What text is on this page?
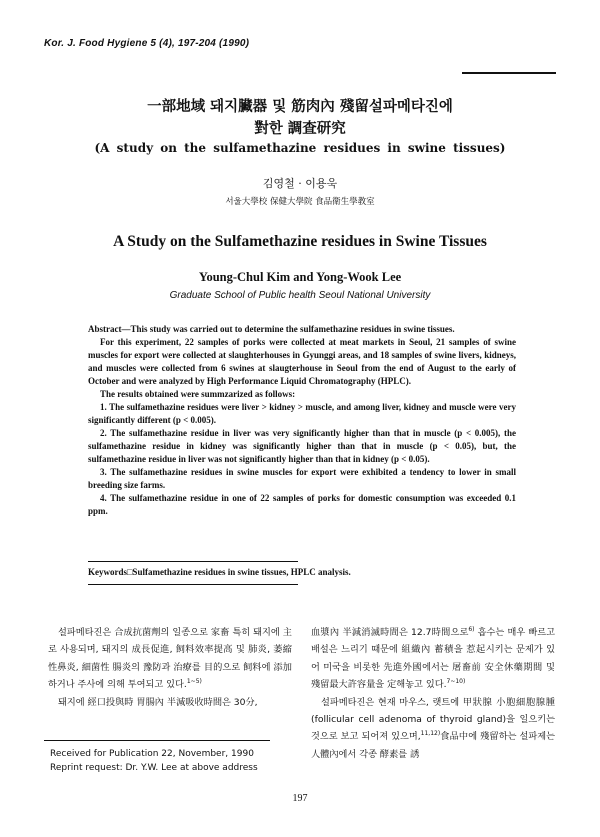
Kor. J. Food Hygiene 5 (4), 197-204 (1990)
一部地域 돼지臟器 및 筋肉內 殘留설파메타진에
對한 調査研究
(A study on the sulfamethazine residues in swine tissues)
김영철 · 이용욱
서울大學校 保健大學院 食品衛生學教室
A Study on the Sulfamethazine residues in Swine Tissues
Young-Chul Kim and Yong-Wook Lee
Graduate School of Public health Seoul National University

Abstract—This study was carried out to determine the sulfamethazine residues in swine tissues.

For this experiment, 22 samples of porks were collected at meat markets in Seoul, 21 samples of swine muscles for export were collected at slaughterhouses in Gyunggi areas, and 18 samples of swine livers, kidneys, and muscles were collected from 6 swines at slaugterhouse in Seoul from the end of August to the early of October and were analyzed by High Performance Liquid Chromatography (HPLC).

The results obtained were summzarized as follows:

1. The sulfamethazine residues were liver > kidney > muscle, and among liver, kidney and muscle were very significantly different (p < 0.005).

2. The sulfamethazine residue in liver was very significantly higher than that in muscle (p < 0.005), the sulfamethazine residue in kidney was significantly higher than that in muscle (p < 0.05), but, the sulfamethazine residue in liver was not significantly higher than that in kidney (p < 0.05).

3. The sulfamethazine residues in swine muscles for export were exhibited a tendency to lower in small breeding size farms.

4. The sulfamethazine residue in one of 22 samples of porks for domestic consumption was exceeded 0.1 ppm.

Keywords□Sulfamethazine residues in swine tissues, HPLC analysis.

설파메타진은 合成抗菌劑의 일종으로 家畜 특히 돼지에 主로 사용되며, 돼지의 成長促進, 飼料效率提高 및 肺炎, 萎縮性鼻炎, 細菌性 腸炎의 豫防과 治療를 目的으로 飼料에 添加하거나 주사에 의해 투여되고 있다.$^{1\sim 5)}$

돼지에 經口投與時 胃腸內 半減吸收時間은 30分,

血漿內 半減消滅時間은 12.7時間으로$^{6)}$ 흡수는 매우 빠르고 배설은 느리기 때문에 組織內 蓄積을 惹起시키는 문제가 있어 미국을 비롯한 先進外國에서는 屠畜前 安全休藥期間 및 殘留最大許容量을 定해놓고 있다.$^{7\sim 10)}$

설파메타진은 현재 마우스, 랫트에 甲狀腺 小胞細胞腺腫(follicular cell adenoma of thyroid gland)을 일으키는 것으로 보고 되어져 있으며,$^{11,12)}$食品中에 殘留하는 설파제는 人體內에서 각종 酵素를 誘

Received for Publication 22, November, 1990
Reprint request: Dr. Y.W. Lee at above address
197
